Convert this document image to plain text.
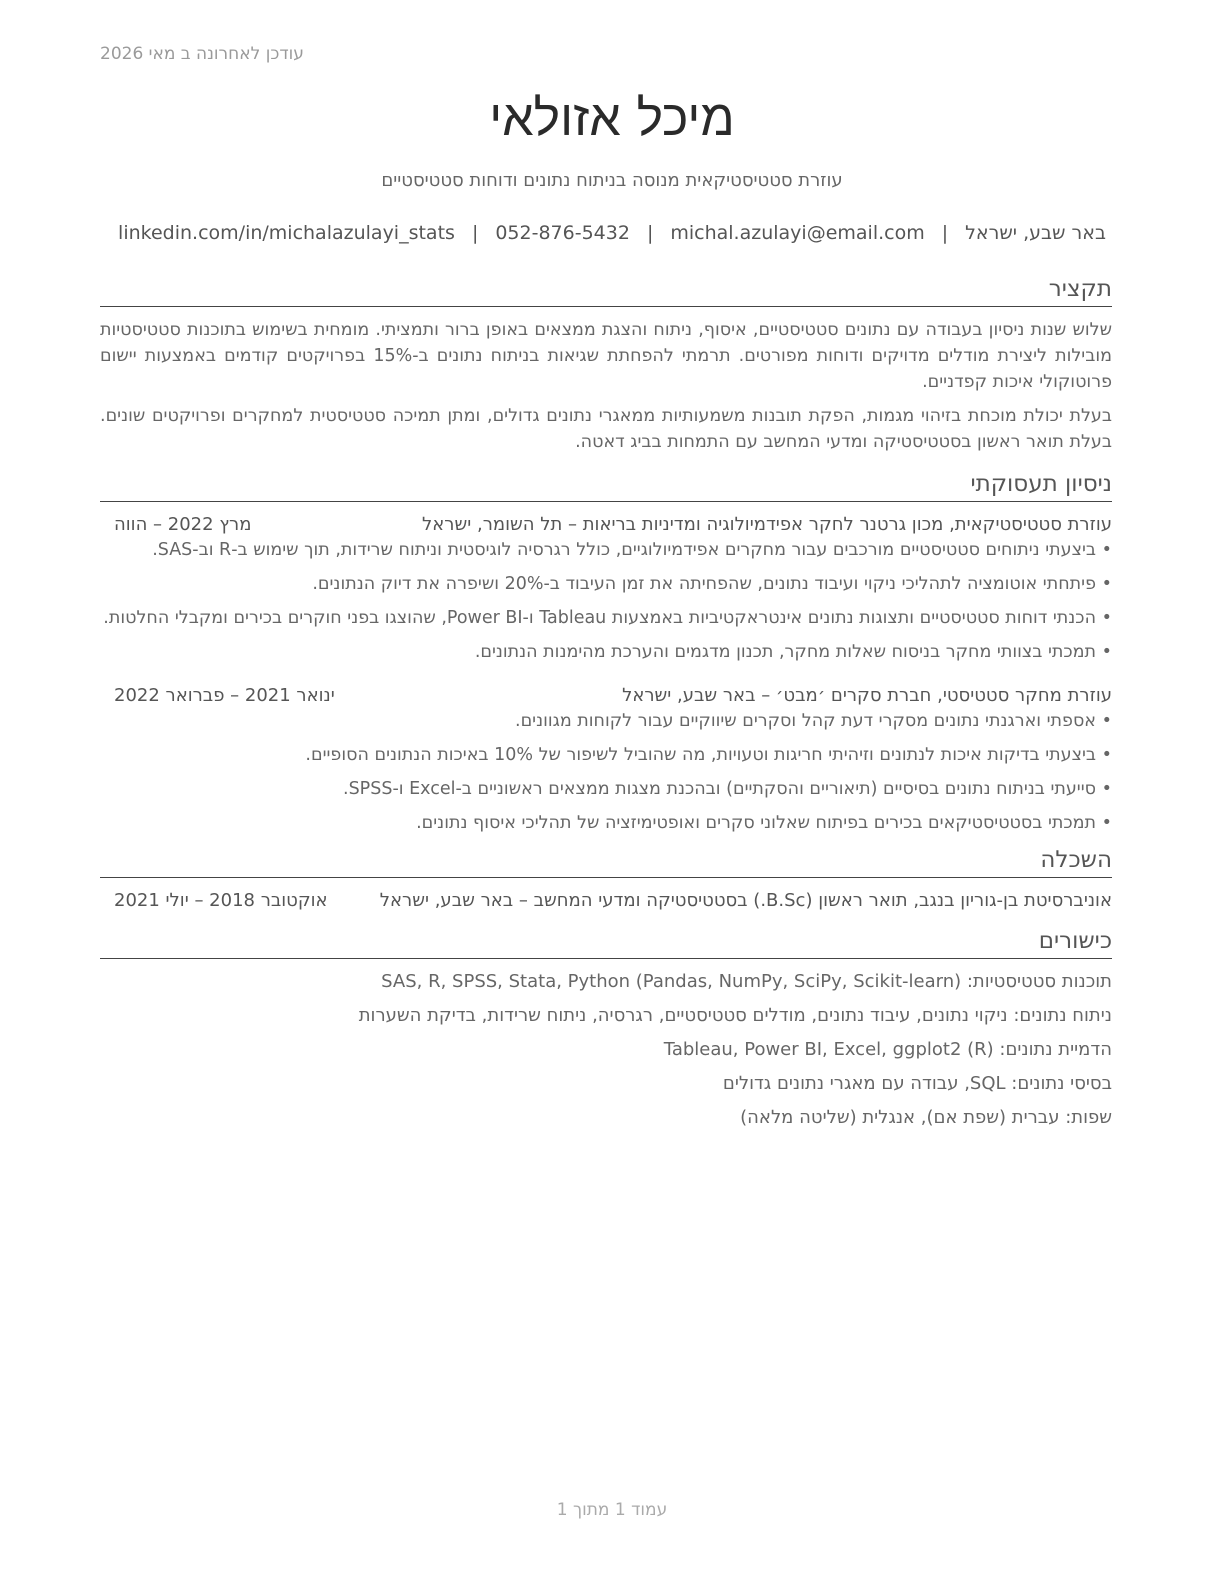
עודכן לאחרונה ב מאי 2026
מיכל אזולאי
עוזרת סטטיסטיקאית מנוסה בניתוח נתונים ודוחות סטטיסטיים
באר שבע, ישראל|michal.azulayi@email.com|052-876-5432|linkedin.com/in/michalazulayi_stats
תקציר

שלוש שנות ניסיון בעבודה עם נתונים סטטיסטיים, איסוף, ניתוח והצגת ממצאים באופן ברור ותמציתי. מומחית בשימוש בתוכנות סטטיסטיות מובילות ליצירת מודלים מדויקים ודוחות מפורטים. תרמתי להפחתת שגיאות בניתוח נתונים ב-15% בפרויקטים קודמים באמצעות יישום פרוטוקולי איכות קפדניים.

בעלת יכולת מוכחת בזיהוי מגמות, הפקת תובנות משמעותיות ממאגרי נתונים גדולים, ומתן תמיכה סטטיסטית למחקרים ופרויקטים שונים. בעלת תואר ראשון בסטטיסטיקה ומדעי המחשב עם התמחות בביג דאטה.

ניסיון תעסוקתי
עוזרת סטטיסטיקאית, מכון גרטנר לחקר אפידמיולוגיה ומדיניות בריאות – תל השומר, ישראל
מרץ 2022 – הווה
•
ביצעתי ניתוחים סטטיסטיים מורכבים עבור מחקרים אפידמיולוגיים, כולל רגרסיה לוגיסטית וניתוח שרידות, תוך שימוש ב-R וב-SAS.
•
פיתחתי אוטומציה לתהליכי ניקוי ועיבוד נתונים, שהפחיתה את זמן העיבוד ב-20% ושיפרה את דיוק הנתונים.
•
הכנתי דוחות סטטיסטיים ותצוגות נתונים אינטראקטיביות באמצעות Tableau ו-Power BI, שהוצגו בפני חוקרים בכירים ומקבלי החלטות.
•
תמכתי בצוותי מחקר בניסוח שאלות מחקר, תכנון מדגמים והערכת מהימנות הנתונים.
עוזרת מחקר סטטיסטי, חברת סקרים ׳מבט׳ – באר שבע, ישראל
ינואר 2021 – פברואר 2022
•
אספתי וארגנתי נתונים מסקרי דעת קהל וסקרים שיווקיים עבור לקוחות מגוונים.
•
ביצעתי בדיקות איכות לנתונים וזיהיתי חריגות וטעויות, מה שהוביל לשיפור של 10% באיכות הנתונים הסופיים.
•
סייעתי בניתוח נתונים בסיסיים (תיאוריים והסקתיים) ובהכנת מצגות ממצאים ראשוניים ב-Excel ו-SPSS.
•
תמכתי בסטטיסטיקאים בכירים בפיתוח שאלוני סקרים ואופטימיזציה של תהליכי איסוף נתונים.
השכלה
אוניברסיטת בן-גוריון בנגב, תואר ראשון (B.Sc.) בסטטיסטיקה ומדעי המחשב – באר שבע, ישראל
אוקטובר 2018 – יולי 2021
כישורים
תוכנות סטטיסטיות: SAS, R, SPSS, Stata, Python (Pandas, NumPy, SciPy, Scikit-learn)
ניתוח נתונים: ניקוי נתונים, עיבוד נתונים, מודלים סטטיסטיים, רגרסיה, ניתוח שרידות, בדיקת השערות
הדמיית נתונים: Tableau, Power BI, Excel, ggplot2 (R)
בסיסי נתונים: SQL, עבודה עם מאגרי נתונים גדולים
שפות: עברית (שפת אם), אנגלית (שליטה מלאה)
עמוד 1 מתוך 1
